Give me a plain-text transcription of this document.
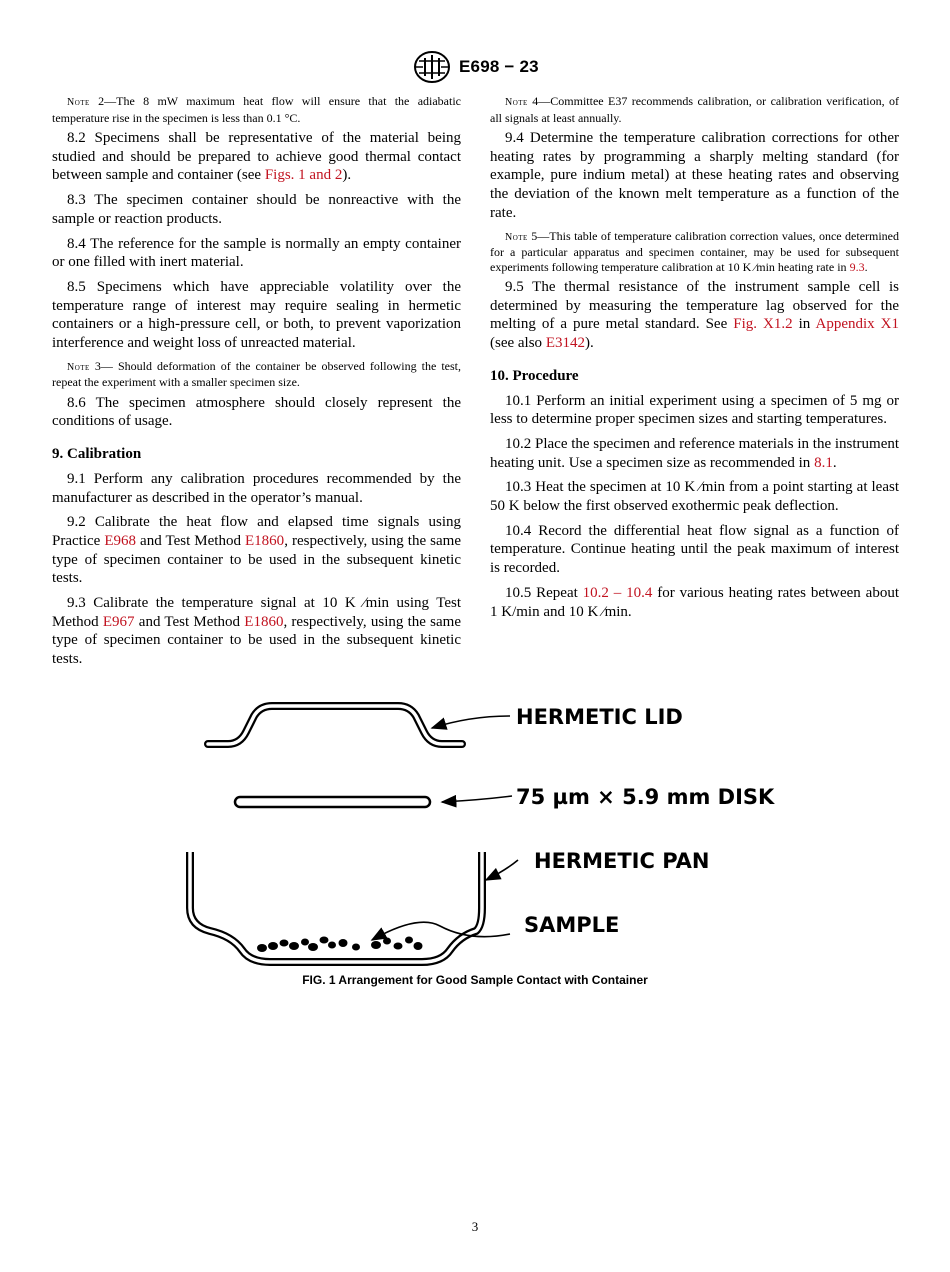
E698 − 23

Note 2—The 8 mW maximum heat flow will ensure that the adiabatic temperature rise in the specimen is less than 0.1 °C.

8.2 Specimens shall be representative of the material being studied and should be prepared to achieve good thermal contact between sample and container (see Figs. 1 and 2).

8.3 The specimen container should be nonreactive with the sample or reaction products.

8.4 The reference for the sample is normally an empty container or one filled with inert material.

8.5 Specimens which have appreciable volatility over the temperature range of interest may require sealing in hermetic containers or a high-pressure cell, or both, to prevent vaporization interference and weight loss of unreacted material.

Note 3— Should deformation of the container be observed following the test, repeat the experiment with a smaller specimen size.

8.6 The specimen atmosphere should closely represent the conditions of usage.

9. Calibration

9.1 Perform any calibration procedures recommended by the manufacturer as described in the operator’s manual.

9.2 Calibrate the heat flow and elapsed time signals using Practice E968 and Test Method E1860, respectively, using the same type of specimen container to be used in the subsequent kinetic tests.

9.3 Calibrate the temperature signal at 10 K ⁄min using Test Method E967 and Test Method E1860, respectively, using the same type of specimen container to be used in the subsequent kinetic tests.

Note 4—Committee E37 recommends calibration, or calibration verification, of all signals at least annually.

9.4 Determine the temperature calibration corrections for other heating rates by programming a sharply melting standard (for example, pure indium metal) at these heating rates and observing the deviation of the known melt temperature as a function of the rate.

Note 5—This table of temperature calibration correction values, once determined for a particular apparatus and specimen container, may be used for subsequent experiments following temperature calibration at 10 K ⁄min heating rate in 9.3.

9.5 The thermal resistance of the instrument sample cell is determined by measuring the temperature lag observed for the melting of a pure metal standard. See Fig. X1.2 in Appendix X1 (see also E3142).

10. Procedure

10.1 Perform an initial experiment using a specimen of 5 mg or less to determine proper specimen sizes and starting temperatures.

10.2 Place the specimen and reference materials in the instrument heating unit. Use a specimen size as recommended in 8.1.

10.3 Heat the specimen at 10 K ⁄min from a point starting at least 50 K below the first observed exothermic peak deflection.

10.4 Record the differential heat flow signal as a function of temperature. Continue heating until the peak maximum of interest is recorded.

10.5 Repeat 10.2 – 10.4 for various heating rates between about 1 K/min and 10 K ⁄min.

HERMETIC LID
75 µm × 5.9 mm DISK
HERMETIC PAN
SAMPLE
FIG. 1 Arrangement for Good Sample Contact with Container
3
